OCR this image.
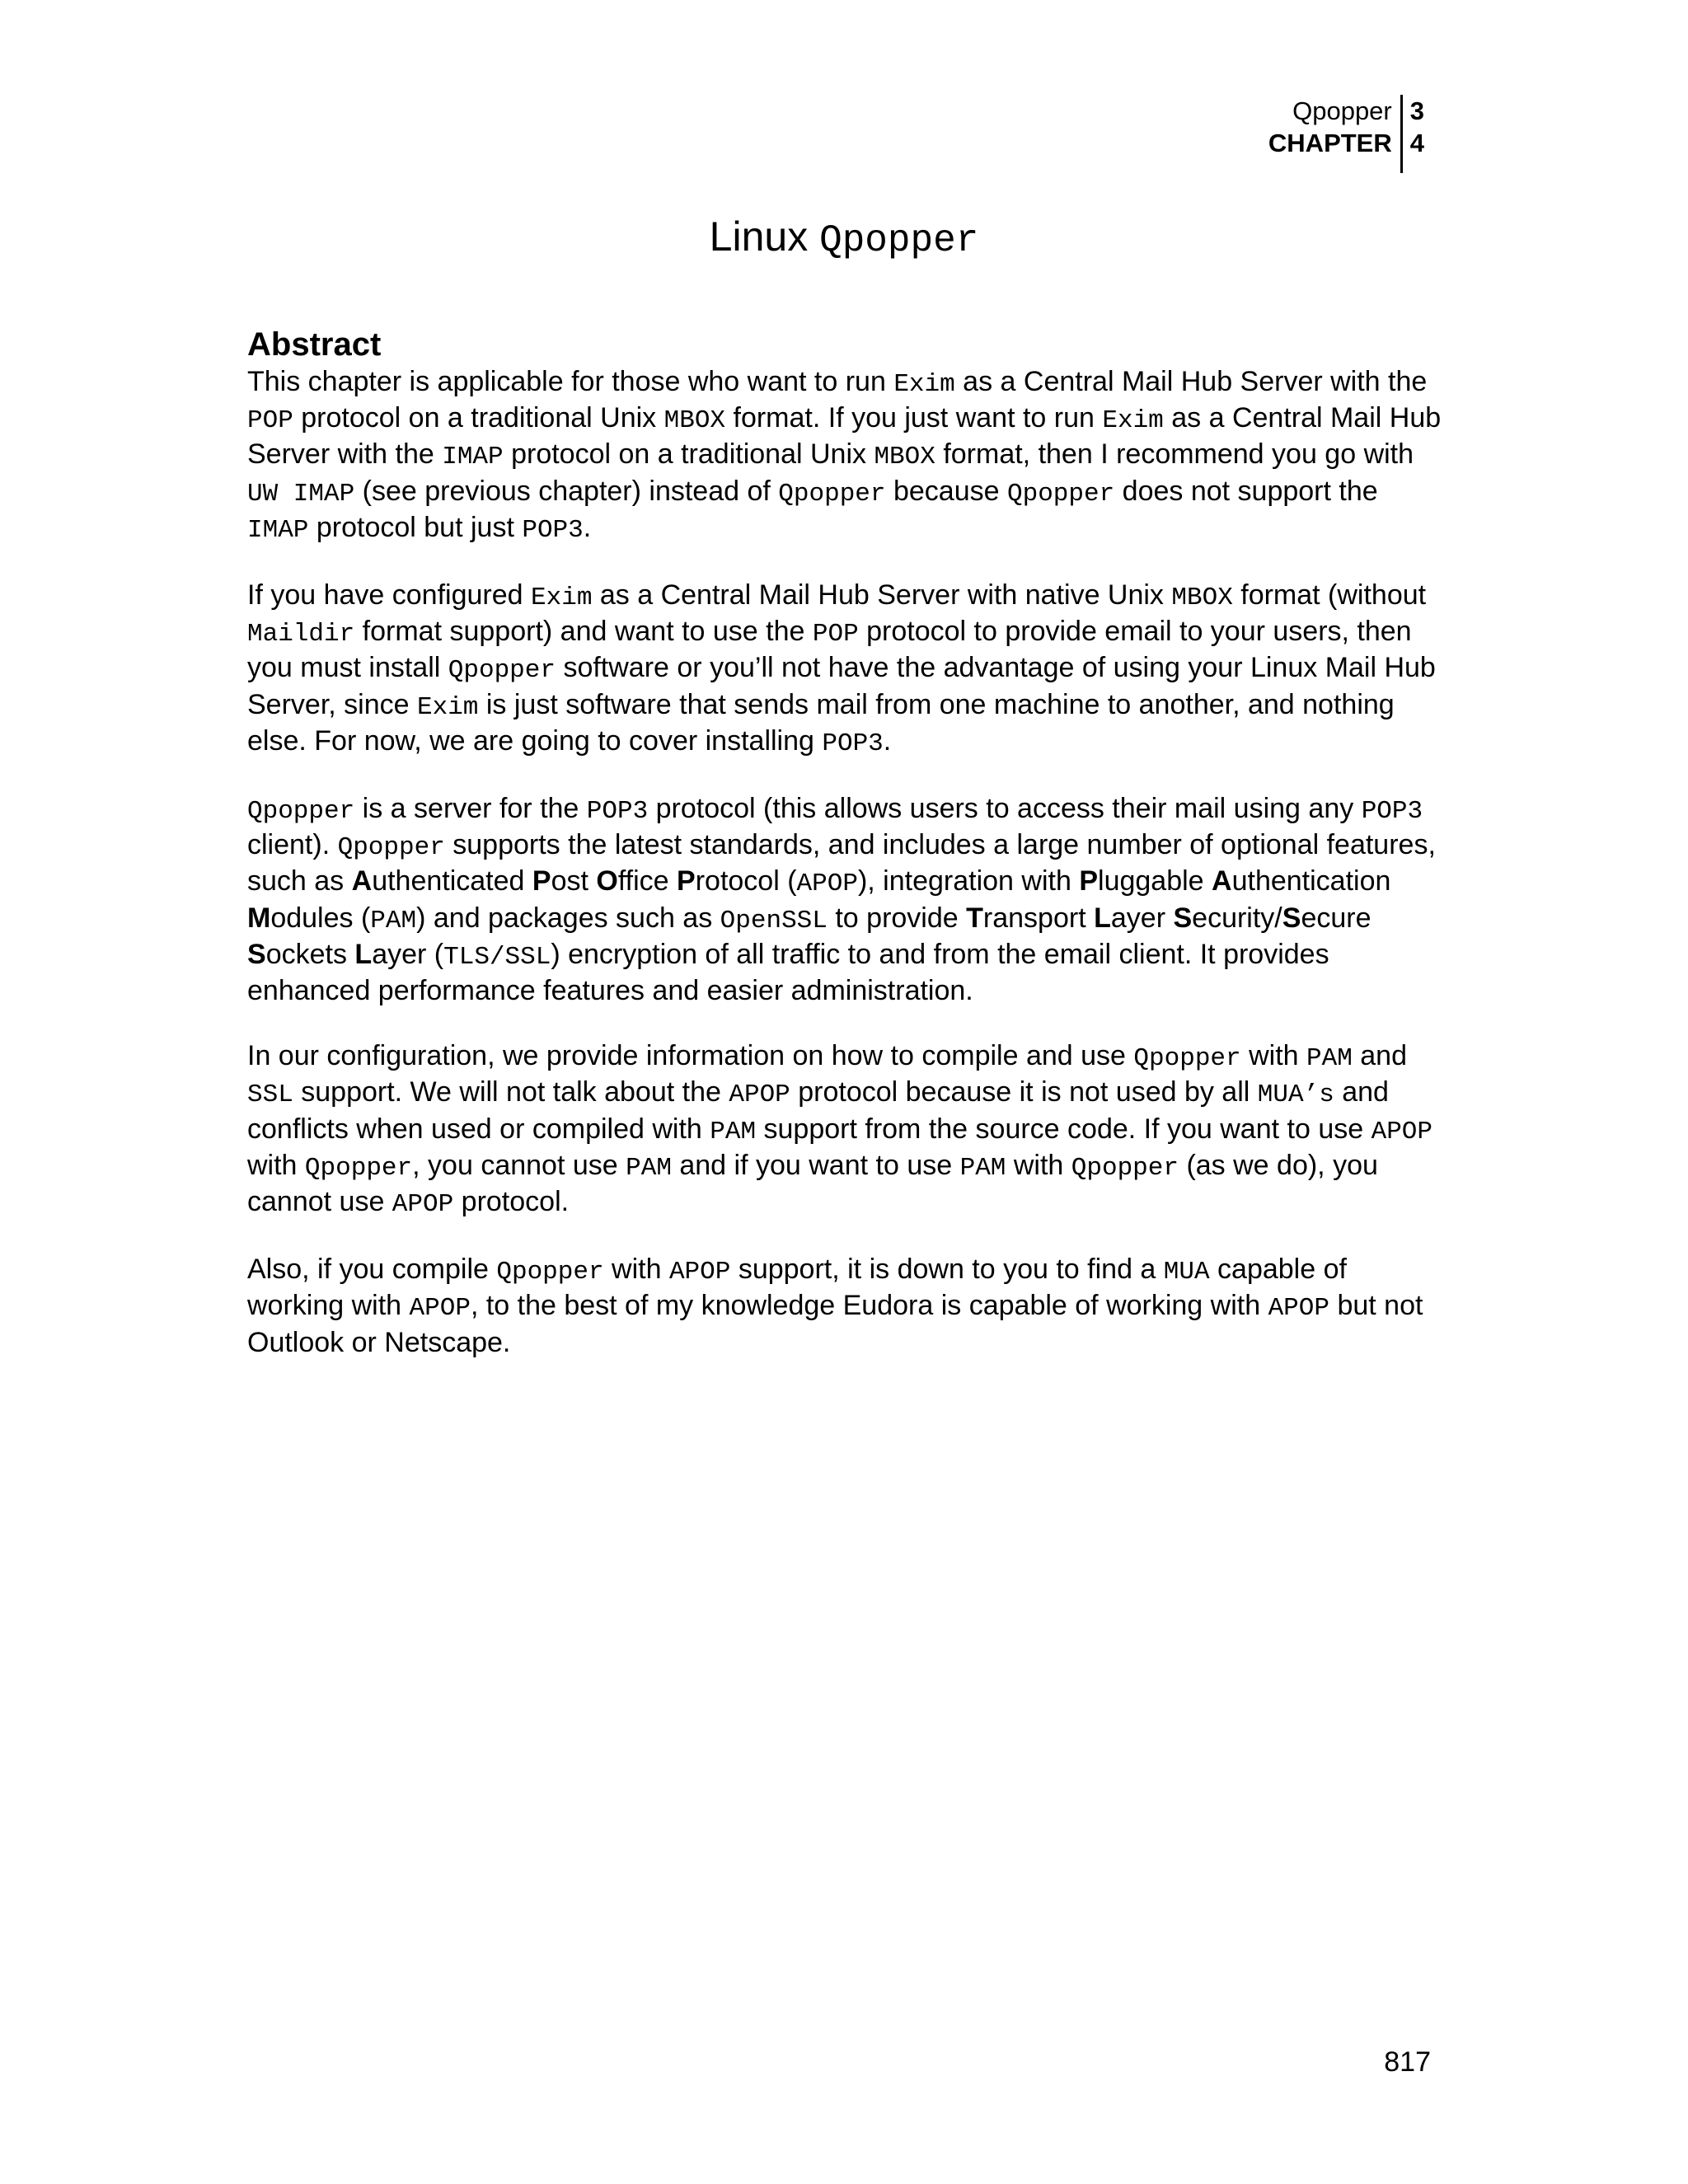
Qpopper
CHAPTER
3
4
Linux Qpopper
Abstract

This chapter is applicable for those who want to run Exim as a Central Mail Hub Server with the
POP protocol on a traditional Unix MBOX format. If you just want to run Exim as a Central Mail Hub
Server with the IMAP protocol on a traditional Unix MBOX format, then I recommend you go with
UW IMAP (see previous chapter) instead of Qpopper because Qpopper does not support the
IMAP protocol but just POP3.

If you have configured Exim as a Central Mail Hub Server with native Unix MBOX format (without
Maildir format support) and want to use the POP protocol to provide email to your users, then
you must install Qpopper software or you’ll not have the advantage of using your Linux Mail Hub
Server, since Exim is just software that sends mail from one machine to another, and nothing
else. For now, we are going to cover installing POP3.

Qpopper is a server for the POP3 protocol (this allows users to access their mail using any POP3
client). Qpopper supports the latest standards, and includes a large number of optional features,
such as Authenticated Post Office Protocol (APOP), integration with Pluggable Authentication
Modules (PAM) and packages such as OpenSSL to provide Transport Layer Security/Secure
Sockets Layer (TLS/SSL) encryption of all traffic to and from the email client. It provides
enhanced performance features and easier administration.

In our configuration, we provide information on how to compile and use Qpopper with PAM and
SSL support. We will not talk about the APOP protocol because it is not used by all MUA’s and
conflicts when used or compiled with PAM support from the source code. If you want to use APOP
with Qpopper, you cannot use PAM and if you want to use PAM with Qpopper (as we do), you
cannot use APOP protocol.

Also, if you compile Qpopper with APOP support, it is down to you to find a MUA capable of
working with APOP, to the best of my knowledge Eudora is capable of working with APOP but not
Outlook or Netscape.

817
